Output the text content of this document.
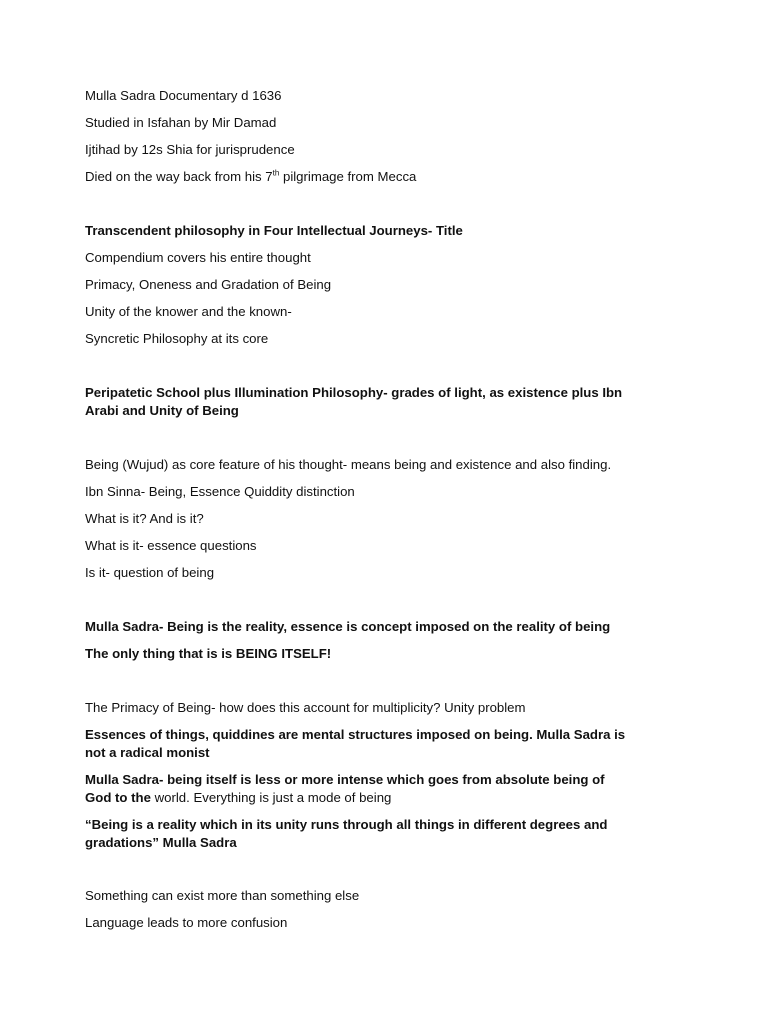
Mulla Sadra Documentary d 1636

Studied in Isfahan by Mir Damad

Ijtihad by 12s Shia for jurisprudence

Died on the way back from his 7th pilgrimage from Mecca

Transcendent philosophy in Four Intellectual Journeys- Title

Compendium covers his entire thought

Primacy, Oneness and Gradation of Being

Unity of the knower and the known-

Syncretic Philosophy at its core

Peripatetic School plus Illumination Philosophy- grades of light, as existence plus Ibn Arabi and Unity of Being

Being (Wujud) as core feature of his thought- means being and existence and also finding.

Ibn Sinna- Being, Essence Quiddity distinction

What is it? And is it?

What is it- essence questions

Is it- question of being

Mulla Sadra- Being is the reality, essence is concept imposed on the reality of being

The only thing that is is BEING ITSELF!

The Primacy of Being- how does this account for multiplicity? Unity problem

Essences of things, quiddines are mental structures imposed on being. Mulla Sadra is not a radical monist

Mulla Sadra- being itself is less or more intense which goes from absolute being of God to the world. Everything is just a mode of being

“Being is a reality which in its unity runs through all things in different degrees and gradations” Mulla Sadra

Something can exist more than something else

Language leads to more confusion
